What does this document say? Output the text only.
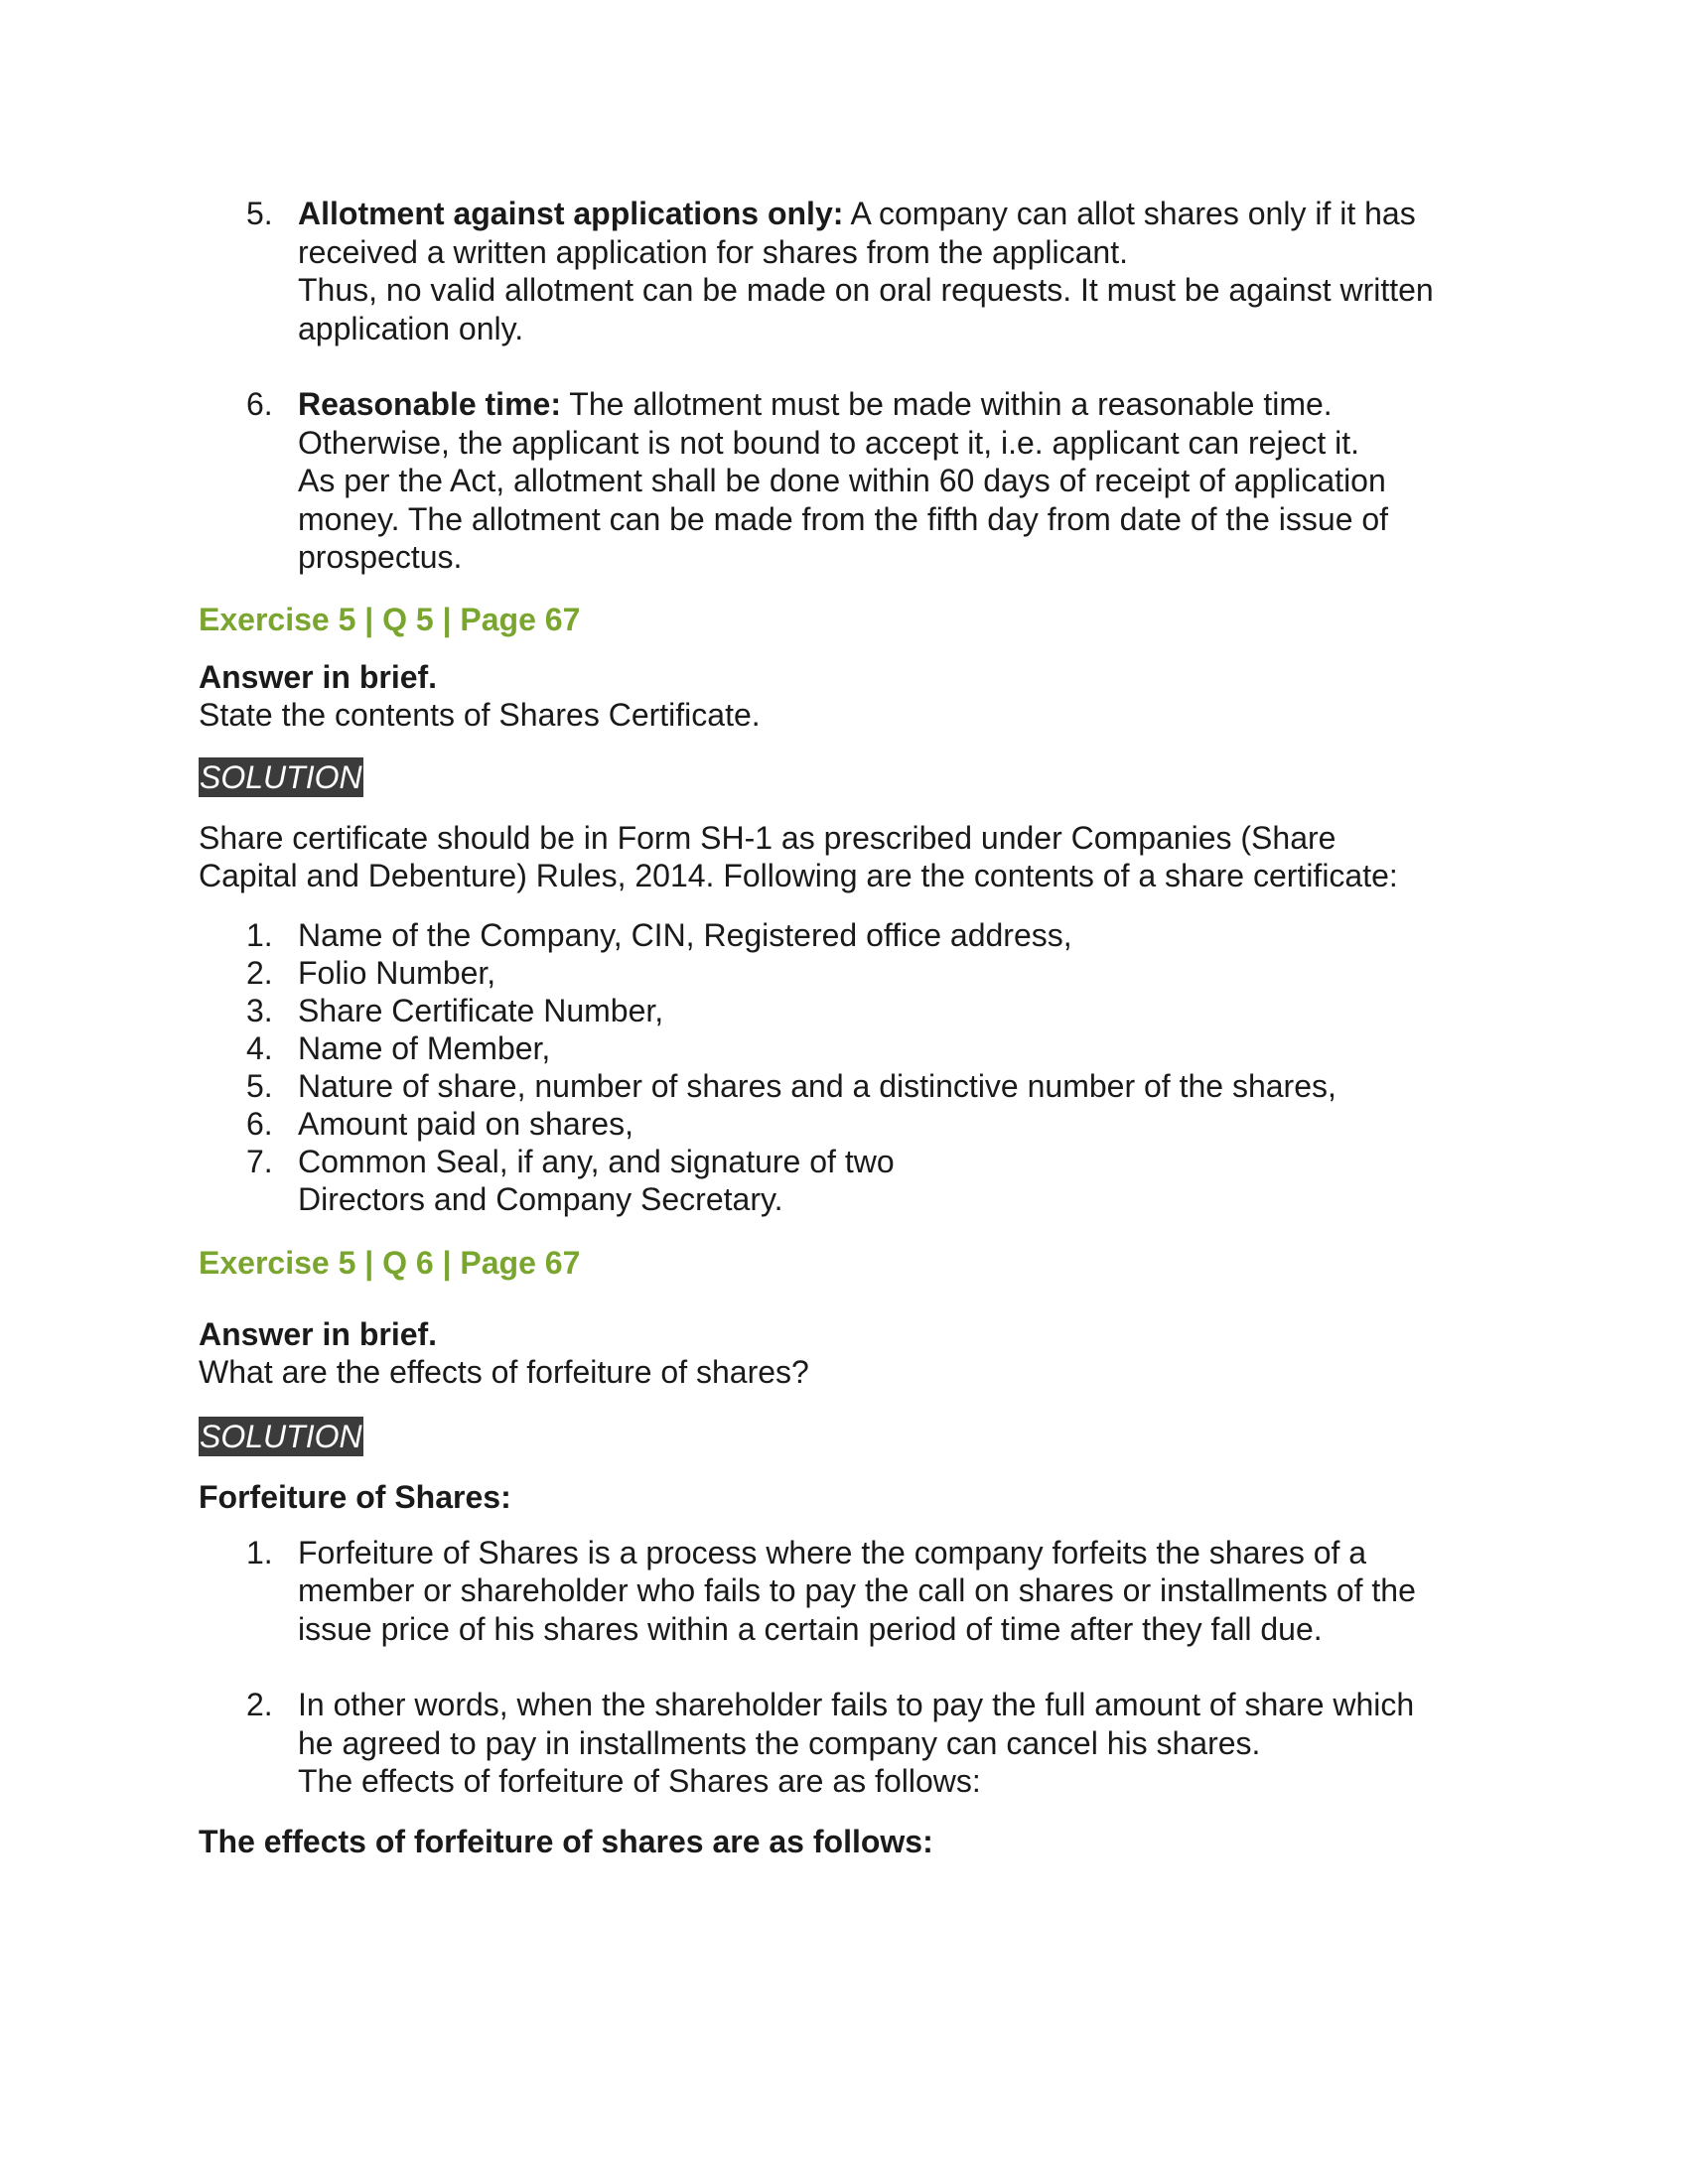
5. Allotment against applications only: A company can allot shares only if it has
received a written application for shares from the applicant.
Thus, no valid allotment can be made on oral requests. It must be against written
application only.
6. Reasonable time: The allotment must be made within a reasonable time.
Otherwise, the applicant is not bound to accept it, i.e. applicant can reject it.
As per the Act, allotment shall be done within 60 days of receipt of application
money. The allotment can be made from the fifth day from date of the issue of
prospectus.
Exercise 5 | Q 5 | Page 67
Answer in brief.
State the contents of Shares Certificate.
SOLUTION
Share certificate should be in Form SH-1 as prescribed under Companies (Share
Capital and Debenture) Rules, 2014. Following are the contents of a share certificate:
1. Name of the Company, CIN, Registered office address,
2. Folio Number,
3. Share Certificate Number,
4. Name of Member,
5. Nature of share, number of shares and a distinctive number of the shares,
6. Amount paid on shares,
7. Common Seal, if any, and signature of two
Directors and Company Secretary.
Exercise 5 | Q 6 | Page 67
Answer in brief.
What are the effects of forfeiture of shares?
SOLUTION
Forfeiture of Shares:
1. Forfeiture of Shares is a process where the company forfeits the shares of a
member or shareholder who fails to pay the call on shares or installments of the
issue price of his shares within a certain period of time after they fall due.
2. In other words, when the shareholder fails to pay the full amount of share which
he agreed to pay in installments the company can cancel his shares.
The effects of forfeiture of Shares are as follows:
The effects of forfeiture of shares are as follows:
